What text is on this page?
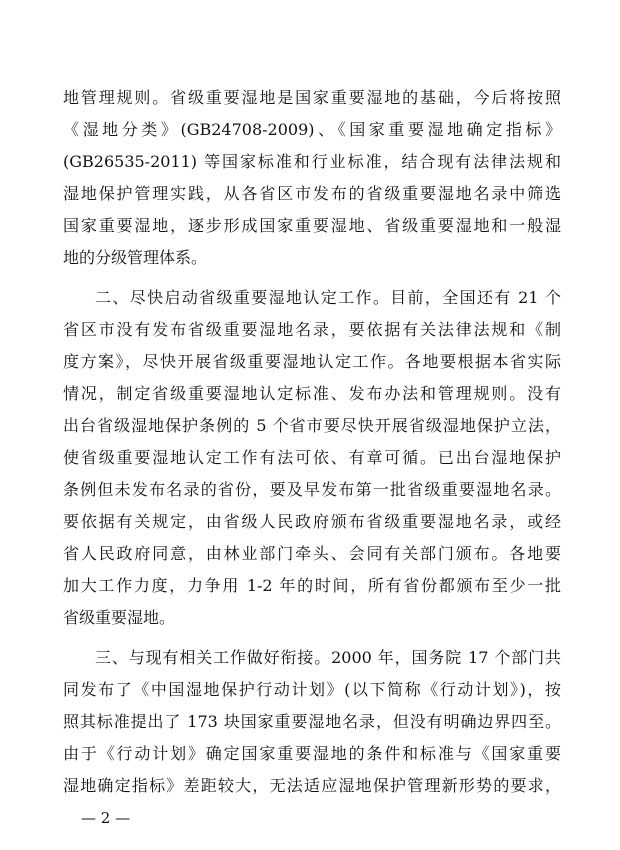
地管理规则。省级重要湿地是国家重要湿地的基础，今后将按照
《湿地分类》(GB24708-2009)、《国家重要湿地确定指标》
(GB26535-2011) 等国家标准和行业标准，结合现有法律法规和
湿地保护管理实践，从各省区市发布的省级重要湿地名录中筛选
国家重要湿地，逐步形成国家重要湿地、省级重要湿地和一般湿
地的分级管理体系。
二、尽快启动省级重要湿地认定工作。目前，全国还有 21 个
省区市没有发布省级重要湿地名录，要依据有关法律法规和《制
度方案》，尽快开展省级重要湿地认定工作。各地要根据本省实际
情况，制定省级重要湿地认定标准、发布办法和管理规则。没有
出台省级湿地保护条例的 5 个省市要尽快开展省级湿地保护立法，
使省级重要湿地认定工作有法可依、有章可循。已出台湿地保护
条例但未发布名录的省份，要及早发布第一批省级重要湿地名录。
要依据有关规定，由省级人民政府颁布省级重要湿地名录，或经
省人民政府同意，由林业部门牵头、会同有关部门颁布。各地要
加大工作力度，力争用 1-2 年的时间，所有省份都颁布至少一批
省级重要湿地。
三、与现有相关工作做好衔接。2000 年，国务院 17 个部门共
同发布了《中国湿地保护行动计划》(以下简称《行动计划》)，按
照其标准提出了 173 块国家重要湿地名录，但没有明确边界四至。
由于《行动计划》确定国家重要湿地的条件和标准与《国家重要
湿地确定指标》差距较大，无法适应湿地保护管理新形势的要求，
— 2 —
